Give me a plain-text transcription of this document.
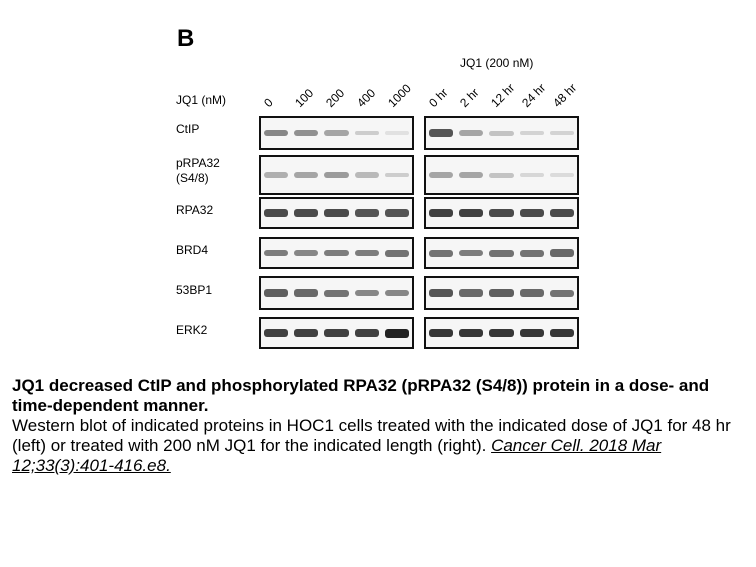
B
JQ1 (200 nM)
JQ1 (nM)	0 100 200 400 1000 0 hr 2 hr 12 hr 24 hr 48 hr
CtIP
pRPA32 (S4/8)
RPA32
BRD4
53BP1
ERK2
JQ1 decreased CtIP and phosphorylated RPA32 (pRPA32 (S4/8)) protein in a dose- and time-dependent manner.
Western blot of indicated proteins in HOC1 cells treated with the indicated dose of JQ1 for 48 hr (left) or treated with 200 nM JQ1 for the indicated length (right). Cancer Cell. 2018 Mar 12;33(3):401-416.e8.
